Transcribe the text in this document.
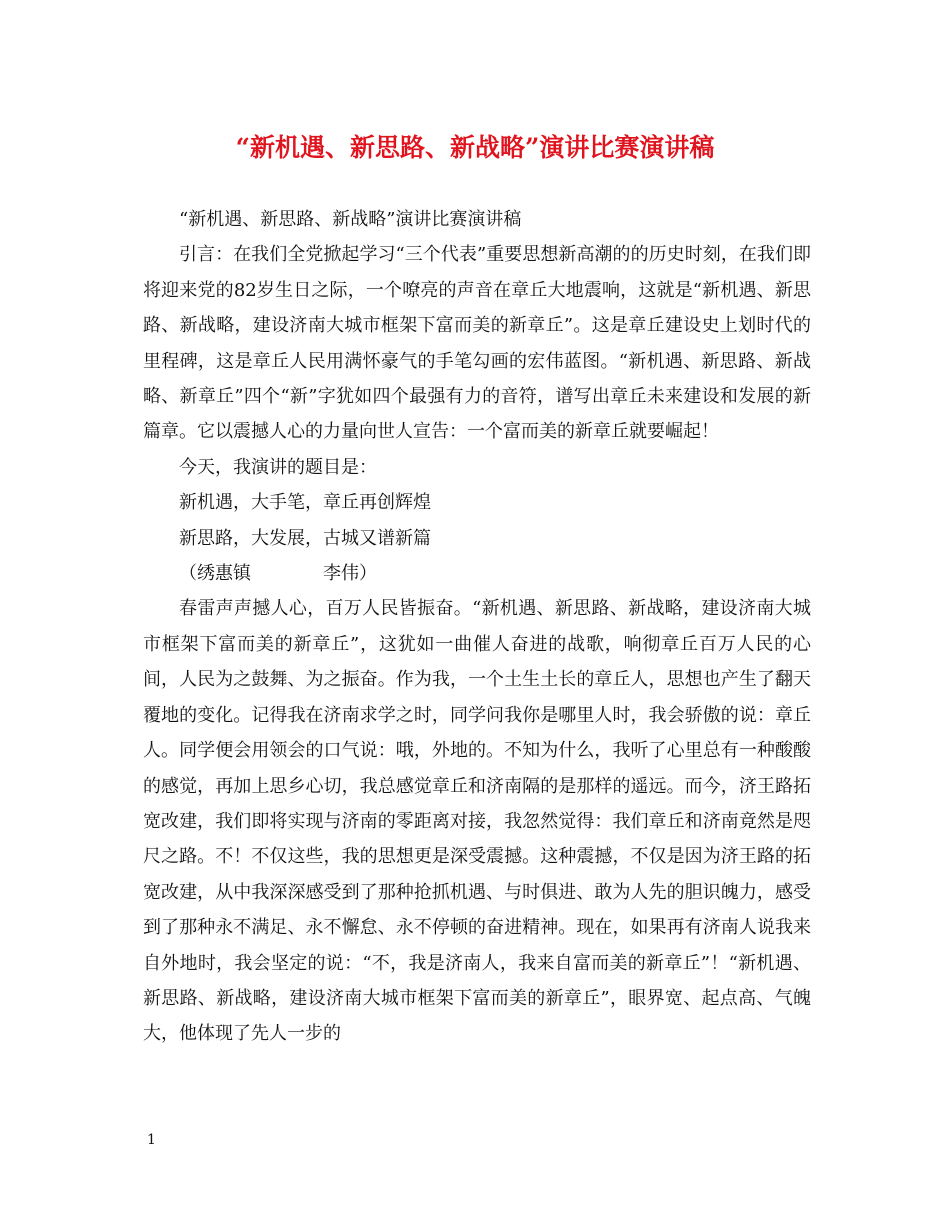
“新机遇、新思路、新战略”演讲比赛演讲稿

“新机遇、新思路、新战略”演讲比赛演讲稿

引言：在我们全党掀起学习“三个代表”重要思想新高潮的的历史时刻，在我们即将迎来党的82岁生日之际，一个嘹亮的声音在章丘大地震响，这就是“新机遇、新思路、新战略，建设济南大城市框架下富而美的新章丘”。这是章丘建设史上划时代的里程碑，这是章丘人民用满怀豪气的手笔勾画的宏伟蓝图。“新机遇、新思路、新战略、新章丘”四个“新”字犹如四个最强有力的音符，谱写出章丘未来建设和发展的新篇章。它以震撼人心的力量向世人宣告：一个富而美的新章丘就要崛起！

今天，我演讲的题目是：

新机遇，大手笔，章丘再创辉煌

新思路，大发展，古城又谱新篇

（绣惠镇	李伟）

春雷声声撼人心，百万人民皆振奋。“新机遇、新思路、新战略，建设济南大城市框架下富而美的新章丘”，这犹如一曲催人奋进的战歌，响彻章丘百万人民的心间，人民为之鼓舞、为之振奋。作为我，一个土生土长的章丘人，思想也产生了翻天覆地的变化。记得我在济南求学之时，同学问我你是哪里人时，我会骄傲的说：章丘人。同学便会用领会的口气说：哦，外地的。不知为什么，我听了心里总有一种酸酸的感觉，再加上思乡心切，我总感觉章丘和济南隔的是那样的遥远。而今，济王路拓宽改建，我们即将实现与济南的零距离对接，我忽然觉得：我们章丘和济南竟然是咫尺之路。不！不仅这些，我的思想更是深受震撼。这种震撼，不仅是因为济王路的拓宽改建，从中我深深感受到了那种抢抓机遇、与时俱进、敢为人先的胆识魄力，感受到了那种永不满足、永不懈怠、永不停顿的奋进精神。现在，如果再有济南人说我来自外地时，我会坚定的说：“不，我是济南人，我来自富而美的新章丘”！“新机遇、新思路、新战略，建设济南大城市框架下富而美的新章丘”，眼界宽、起点高、气魄大，他体现了先人一步的

1
